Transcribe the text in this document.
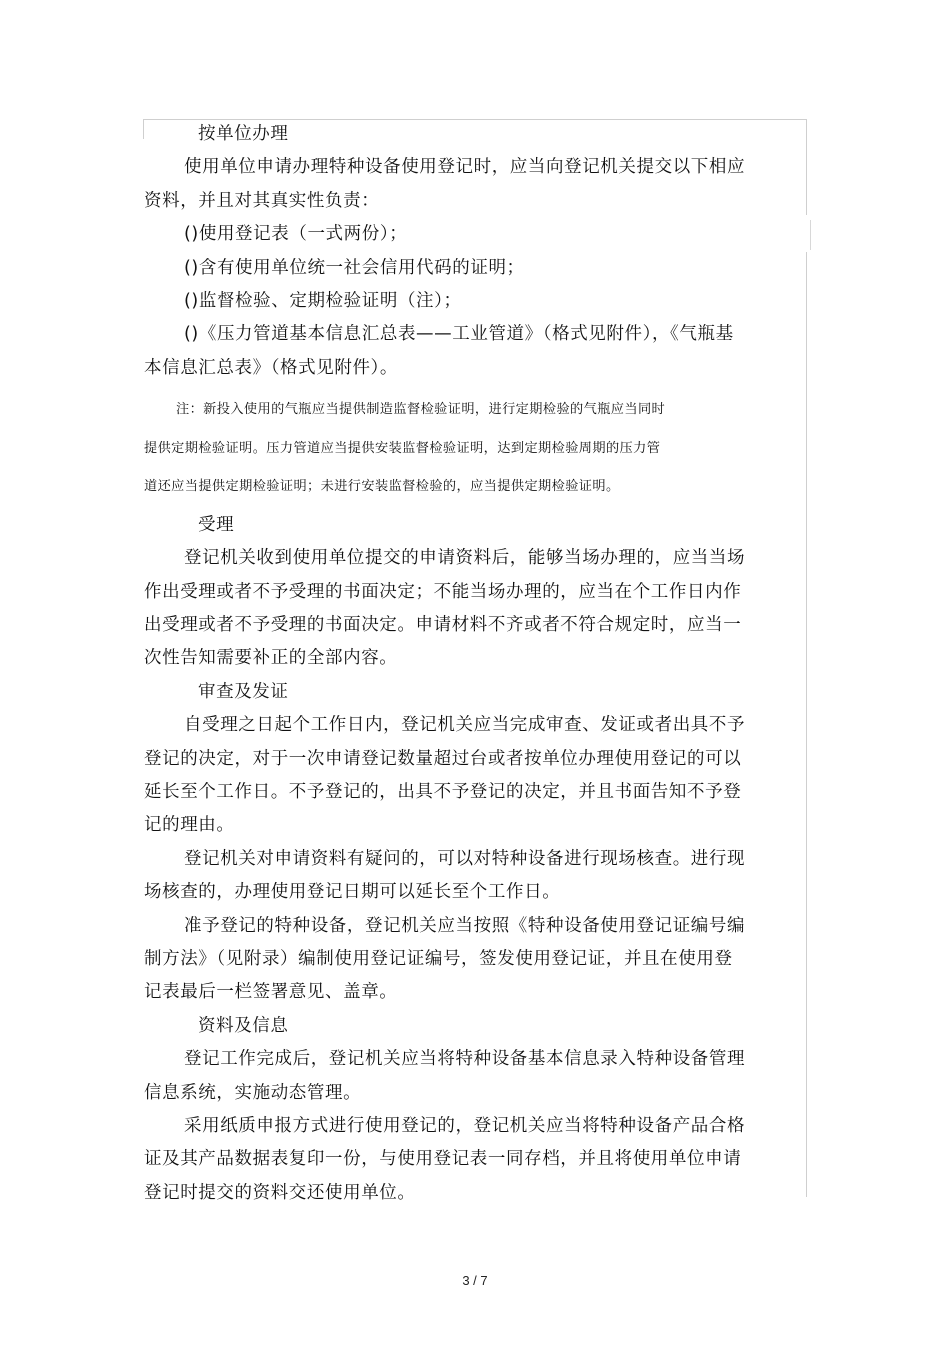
按单位办理

使用单位申请办理特种设备使用登记时，应当向登记机关提交以下相应
资料，并且对其真实性负责：

()使用登记表（一式两份）；

()含有使用单位统一社会信用代码的证明；

()监督检验、定期检验证明（注）；

()《压力管道基本信息汇总表——工业管道》（格式见附件），《气瓶基
本信息汇总表》（格式见附件）。

注：新投入使用的气瓶应当提供制造监督检验证明，进行定期检验的气瓶应当同时

提供定期检验证明。压力管道应当提供安装监督检验证明，达到定期检验周期的压力管

道还应当提供定期检验证明；未进行安装监督检验的，应当提供定期检验证明。

受理

登记机关收到使用单位提交的申请资料后，能够当场办理的，应当当场
作出受理或者不予受理的书面决定；不能当场办理的，应当在个工作日内作
出受理或者不予受理的书面决定。申请材料不齐或者不符合规定时，应当一
次性告知需要补正的全部内容。

审查及发证

自受理之日起个工作日内，登记机关应当完成审查、发证或者出具不予
登记的决定，对于一次申请登记数量超过台或者按单位办理使用登记的可以
延长至个工作日。不予登记的，出具不予登记的决定，并且书面告知不予登
记的理由。

登记机关对申请资料有疑问的，可以对特种设备进行现场核查。进行现
场核查的，办理使用登记日期可以延长至个工作日。

准予登记的特种设备，登记机关应当按照《特种设备使用登记证编号编
制方法》（见附录）编制使用登记证编号，签发使用登记证，并且在使用登
记表最后一栏签署意见、盖章。

资料及信息

登记工作完成后，登记机关应当将特种设备基本信息录入特种设备管理
信息系统，实施动态管理。

采用纸质申报方式进行使用登记的，登记机关应当将特种设备产品合格
证及其产品数据表复印一份，与使用登记表一同存档，并且将使用单位申请
登记时提交的资料交还使用单位。

3 / 7
